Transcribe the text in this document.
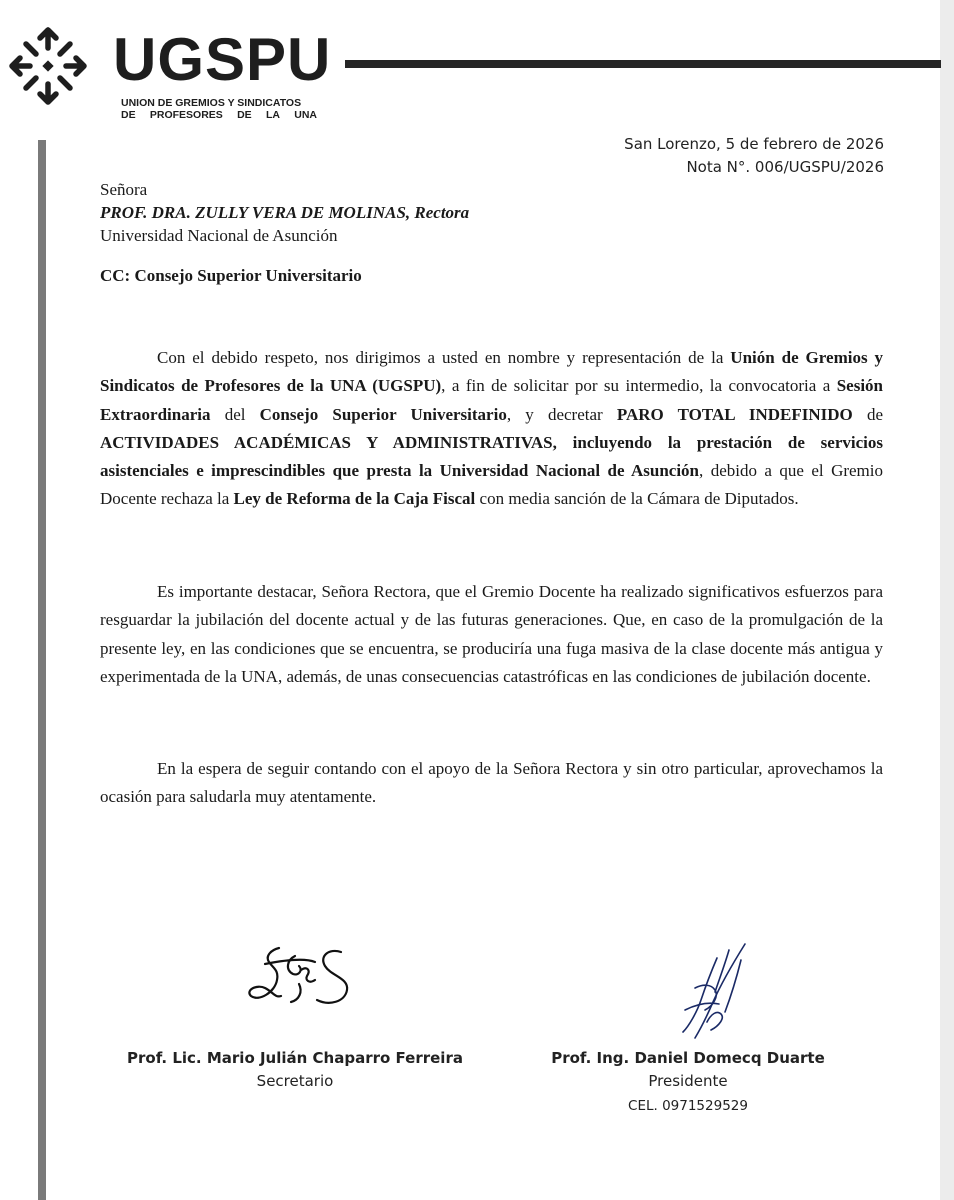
UGSPU
UNION DE GREMIOS Y SINDICATOS
DE PROFESORES DE LA UNA
San Lorenzo, 5 de febrero de 2026
Nota N°. 006/UGSPU/2026
Señora
PROF. DRA. ZULLY VERA DE MOLINAS, Rectora
Universidad Nacional de Asunción
CC: Consejo Superior Universitario

Con el debido respeto, nos dirigimos a usted en nombre y representación de la Unión de Gremios y Sindicatos de Profesores de la UNA (UGSPU), a fin de solicitar por su intermedio, la convocatoria a Sesión Extraordinaria del Consejo Superior Universitario, y decretar PARO TOTAL INDEFINIDO de ACTIVIDADES ACADÉMICAS Y ADMINISTRATIVAS, incluyendo la prestación de servicios asistenciales e imprescindibles que presta la Universidad Nacional de Asunción, debido a que el Gremio Docente rechaza la Ley de Reforma de la Caja Fiscal con media sanción de la Cámara de Diputados.

Es importante destacar, Señora Rectora, que el Gremio Docente ha realizado significativos esfuerzos para resguardar la jubilación del docente actual y de las futuras generaciones. Que, en caso de la promulgación de la presente ley, en las condiciones que se encuentra, se produciría una fuga masiva de la clase docente más antigua y experimentada de la UNA, además, de unas consecuencias catastróficas en las condiciones de jubilación docente.

En la espera de seguir contando con el apoyo de la Señora Rectora y sin otro particular, aprovechamos la ocasión para saludarla muy atentamente.

Prof. Lic. Mario Julián Chaparro Ferreira
Secretario
Prof. Ing. Daniel Domecq Duarte
Presidente
CEL. 0971529529
